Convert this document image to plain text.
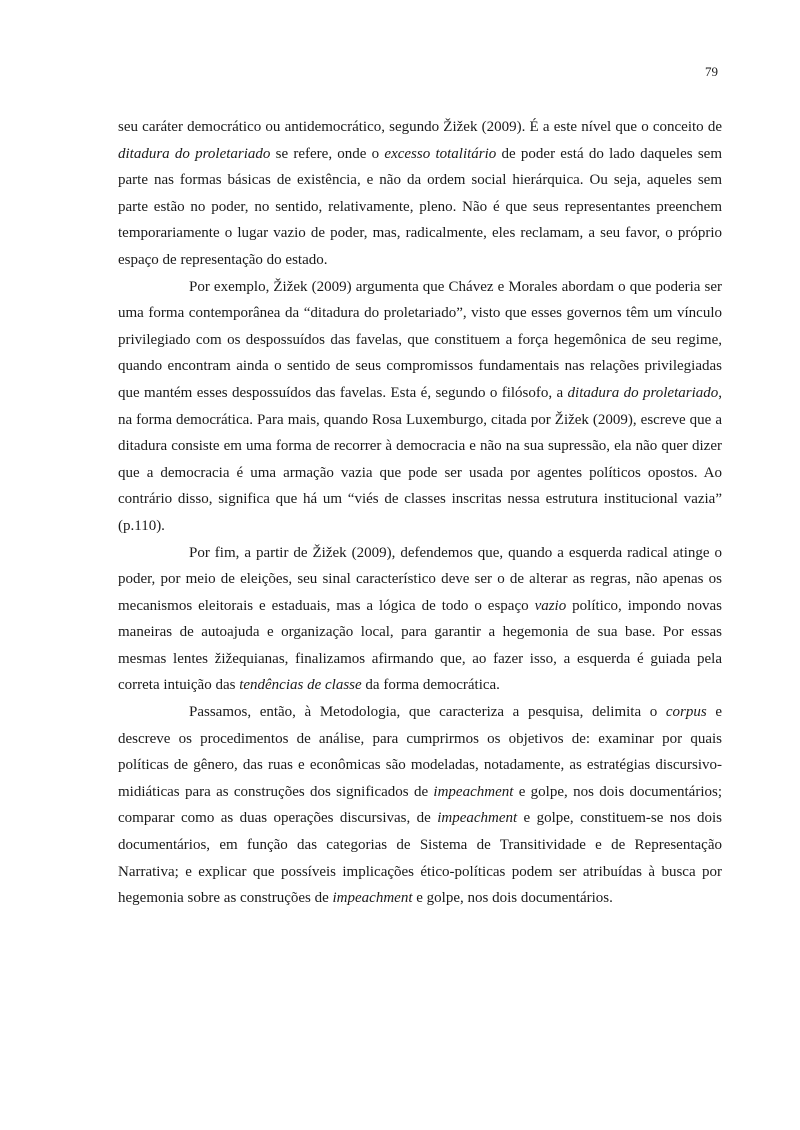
79

seu caráter democrático ou antidemocrático, segundo Žižek (2009). É a este nível que o conceito de ditadura do proletariado se refere, onde o excesso totalitário de poder está do lado daqueles sem parte nas formas básicas de existência, e não da ordem social hierárquica. Ou seja, aqueles sem parte estão no poder, no sentido, relativamente, pleno. Não é que seus representantes preenchem temporariamente o lugar vazio de poder, mas, radicalmente, eles reclamam, a seu favor, o próprio espaço de representação do estado.

Por exemplo, Žižek (2009) argumenta que Chávez e Morales abordam o que poderia ser uma forma contemporânea da “ditadura do proletariado”, visto que esses governos têm um vínculo privilegiado com os despossuídos das favelas, que constituem a força hegemônica de seu regime, quando encontram ainda o sentido de seus compromissos fundamentais nas relações privilegiadas que mantém esses despossuídos das favelas. Esta é, segundo o filósofo, a ditadura do proletariado, na forma democrática. Para mais, quando Rosa Luxemburgo, citada por Žižek (2009), escreve que a ditadura consiste em uma forma de recorrer à democracia e não na sua supressão, ela não quer dizer que a democracia é uma armação vazia que pode ser usada por agentes políticos opostos. Ao contrário disso, significa que há um “viés de classes inscritas nessa estrutura institucional vazia” (p.110).

Por fim, a partir de Žižek (2009), defendemos que, quando a esquerda radical atinge o poder, por meio de eleições, seu sinal característico deve ser o de alterar as regras, não apenas os mecanismos eleitorais e estaduais, mas a lógica de todo o espaço vazio político, impondo novas maneiras de autoajuda e organização local, para garantir a hegemonia de sua base. Por essas mesmas lentes žižequianas, finalizamos afirmando que, ao fazer isso, a esquerda é guiada pela correta intuição das tendências de classe da forma democrática.

Passamos, então, à Metodologia, que caracteriza a pesquisa, delimita o corpus e descreve os procedimentos de análise, para cumprirmos os objetivos de: examinar por quais políticas de gênero, das ruas e econômicas são modeladas, notadamente, as estratégias discursivo-midiáticas para as construções dos significados de impeachment e golpe, nos dois documentários; comparar como as duas operações discursivas, de impeachment e golpe, constituem-se nos dois documentários, em função das categorias de Sistema de Transitividade e de Representação Narrativa; e explicar que possíveis implicações ético-políticas podem ser atribuídas à busca por hegemonia sobre as construções de impeachment e golpe, nos dois documentários.
